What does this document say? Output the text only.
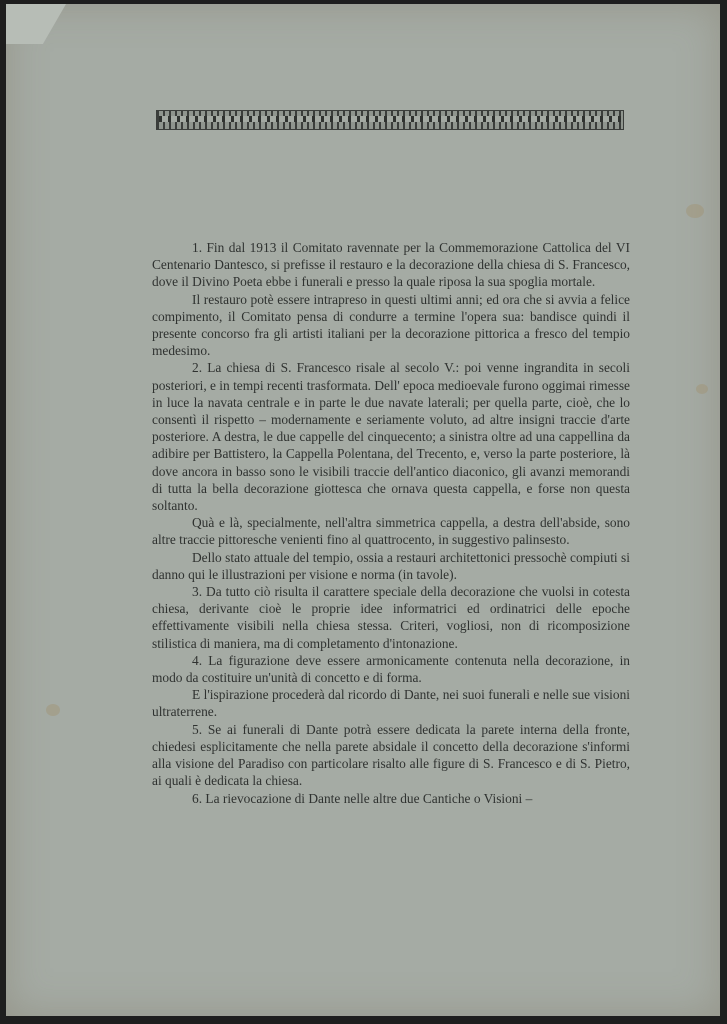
1. Fin dal 1913 il Comitato ravennate per la Commemorazione Cattolica del VI Centenario Dantesco, si prefisse il restauro e la decorazione della chiesa di S. Francesco, dove il Divino Poeta ebbe i funerali e presso la quale riposa la sua spoglia mortale.

Il restauro potè essere intrapreso in questi ultimi anni; ed ora che si avvia a felice compimento, il Comitato pensa di condurre a termine l'opera sua: bandisce quindi il presente concorso fra gli artisti italiani per la decorazione pittorica a fresco del tempio medesimo.

2. La chiesa di S. Francesco risale al secolo V.: poi venne ingrandita in secoli posteriori, e in tempi recenti trasformata. Dell' epoca medioevale furono oggimai rimesse in luce la navata centrale e in parte le due navate laterali; per quella parte, cioè, che lo consentì il rispetto – modernamente e seriamente voluto, ad altre insigni traccie d'arte posteriore. A destra, le due cappelle del cinquecento; a sinistra oltre ad una cappellina da adibire per Battistero, la Cappella Polentana, del Trecento, e, verso la parte posteriore, là dove ancora in basso sono le visibili traccie dell'antico diaconico, gli avanzi memorandi di tutta la bella decorazione giottesca che ornava questa cappella, e forse non questa soltanto.

Quà e là, specialmente, nell'altra simmetrica cappella, a destra dell'abside, sono altre traccie pittoresche venienti fino al quattrocento, in suggestivo palinsesto.

Dello stato attuale del tempio, ossia a restauri architettonici pressochè compiuti si danno qui le illustrazioni per visione e norma (in tavole).

3. Da tutto ciò risulta il carattere speciale della decorazione che vuolsi in cotesta chiesa, derivante cioè le proprie idee informatrici ed ordinatrici delle epoche effettivamente visibili nella chiesa stessa. Criteri, vogliosi, non di ricomposizione stilistica di maniera, ma di completamento d'intonazione.

4. La figurazione deve essere armonicamente contenuta nella decorazione, in modo da costituire un'unità di concetto e di forma.

E l'ispirazione procederà dal ricordo di Dante, nei suoi funerali e nelle sue visioni ultraterrene.

5. Se ai funerali di Dante potrà essere dedicata la parete interna della fronte, chiedesi esplicitamente che nella parete absidale il concetto della decorazione s'informi alla visione del Paradiso con particolare risalto alle figure di S. Francesco e di S. Pietro, ai quali è dedicata la chiesa.

6. La rievocazione di Dante nelle altre due Cantiche o Visioni –
